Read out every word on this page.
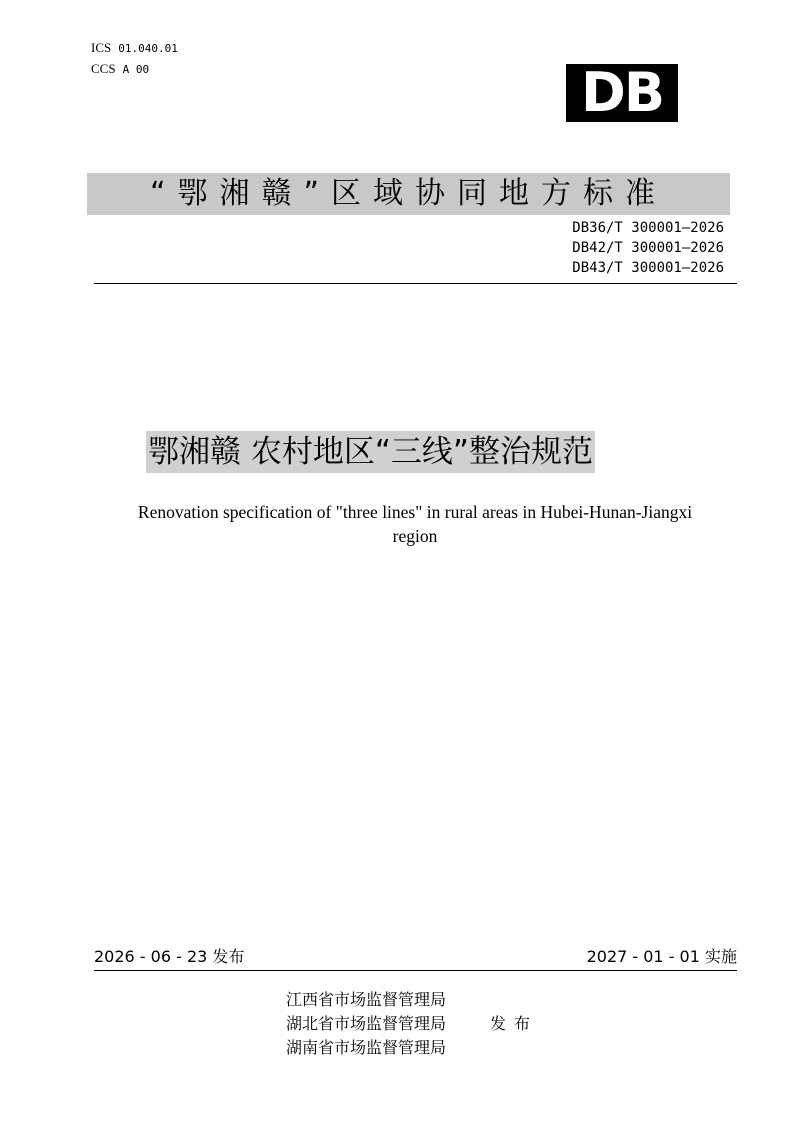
ICS 01.040.01
CCS A 00	DB
“鄂湘赣”区域协同地方标准
DB36/T 300001—2026
DB42/T 300001—2026
DB43/T 300001—2026
鄂湘赣 农村地区“三线”整治规范
Renovation specification of "three lines" in rural areas in Hubei-Hunan-Jiangxi
region
2026 - 06 - 23 发布	2027 - 01 - 01 实施
江西省市场监督管理局
湖北省市场监督管理局
湖南省市场监督管理局
发布
